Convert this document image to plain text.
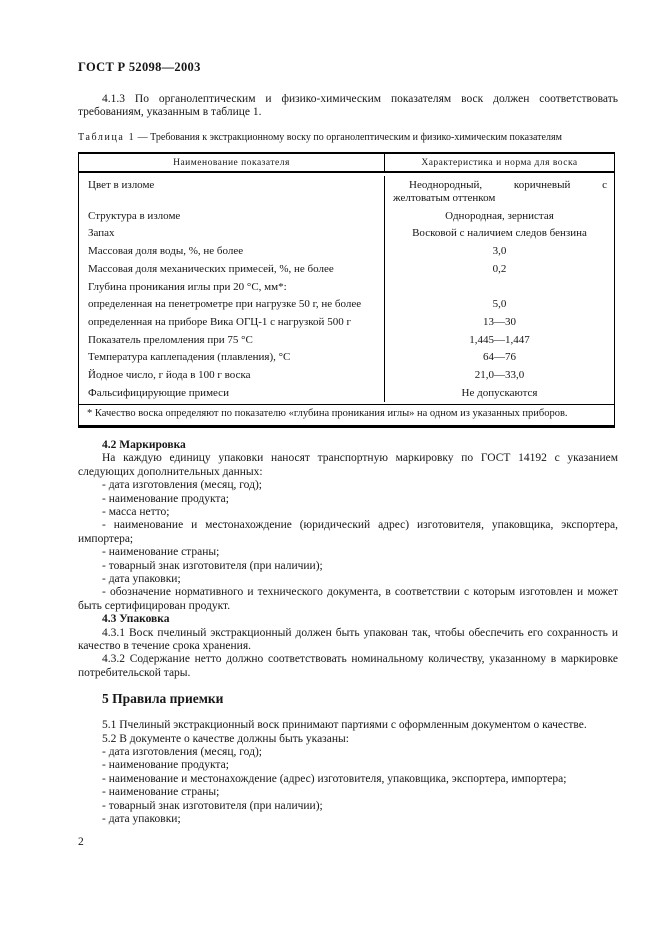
ГОСТ Р 52098—2003

4.1.3 По органолептическим и физико-химическим показателям воск должен соответствовать требованиям, указанным в таблице 1.

Таблица 1 — Требования к экстракционному воску по органолептическим и физико-химическим показателям
Наименование показателя	Характеристика и норма для воска
Цвет в изломе	Неоднородный, коричневый с желтоватым оттенком
Структура в изломе	Однородная, зернистая
Запах	Восковой с наличием следов бензина
Массовая доля воды, %, не более	3,0
Массовая доля механических примесей, %, не более	0,2
Глубина проникания иглы при 20 °С, мм*:
определенная на пенетрометре при нагрузке 50 г, не более	5,0
определенная на приборе Вика ОГЦ-1 с нагрузкой 500 г	13—30
Показатель преломления при 75 °С	1,445—1,447
Температура каплепадения (плавления), °С	64—76
Йодное число, г йода в 100 г воска	21,0—33,0
Фальсифицирующие примеси	Не допускаются
* Качество воска определяют по показателю «глубина проникания иглы» на одном из указанных приборов.
4.2 Маркировка

На каждую единицу упаковки наносят транспортную маркировку по ГОСТ 14192 с указанием следующих дополнительных данных:

- дата изготовления (месяц, год);
- наименование продукта;
- масса нетто;
- наименование и местонахождение (юридический адрес) изготовителя, упаковщика, экспортера, импортера;
- наименование страны;
- товарный знак изготовителя (при наличии);
- дата упаковки;
- обозначение нормативного и технического документа, в соответствии с которым изготовлен и может быть сертифицирован продукт.
4.3 Упаковка

4.3.1 Воск пчелиный экстракционный должен быть упакован так, чтобы обеспечить его сохранность и качество в течение срока хранения.

4.3.2 Содержание нетто должно соответствовать номинальному количеству, указанному в маркировке потребительской тары.

5 Правила приемки

5.1 Пчелиный экстракционный воск принимают партиями с оформленным документом о качестве.

5.2 В документе о качестве должны быть указаны:

- дата изготовления (месяц, год);
- наименование продукта;
- наименование и местонахождение (адрес) изготовителя, упаковщика, экспортера, импортера;
- наименование страны;
- товарный знак изготовителя (при наличии);
- дата упаковки;
2
